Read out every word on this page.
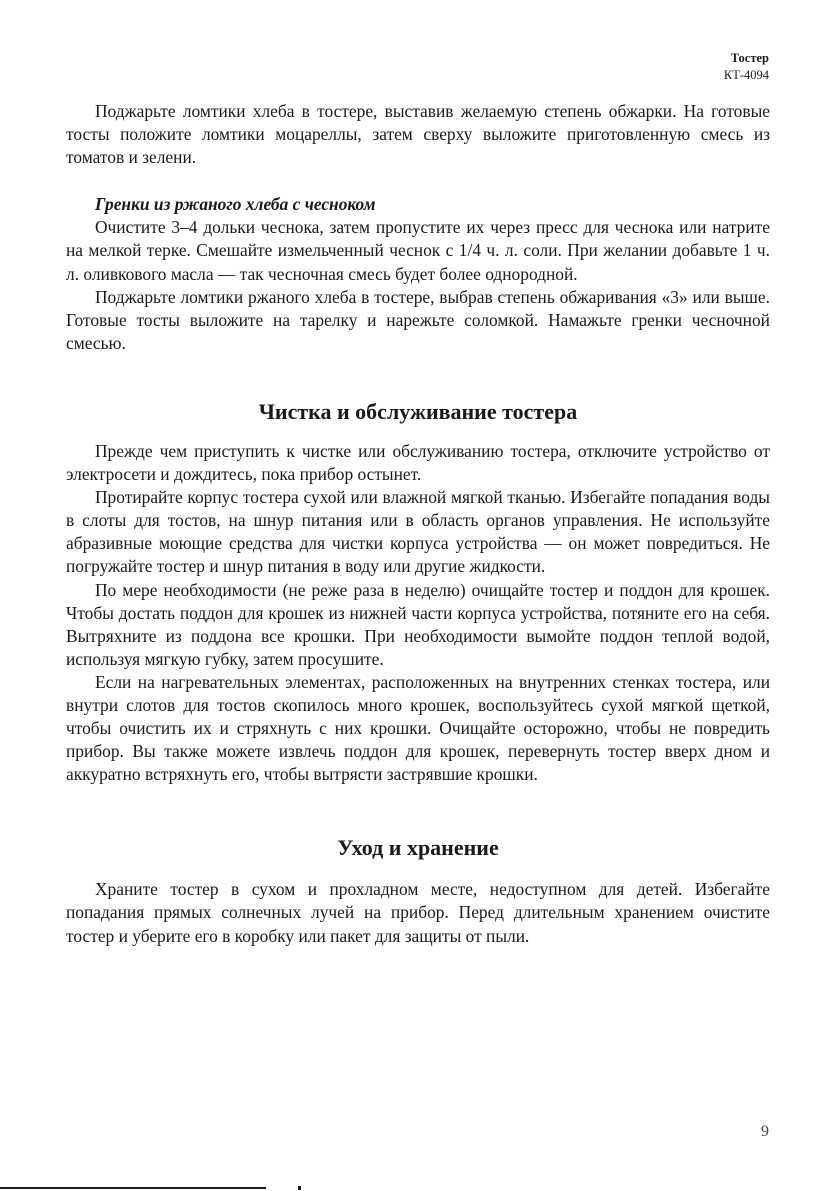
Тостер
КТ-4094

Поджарьте ломтики хлеба в тостере, выставив желаемую степень обжарки. На готовые тосты положите ломтики моцареллы, затем сверху выложите приготовленную смесь из томатов и зелени.

Гренки из ржаного хлеба с чесноком

Очистите 3–4 дольки чеснока, затем пропустите их через пресс для чеснока или натрите на мелкой терке. Смешайте измельченный чеснок с 1/4 ч. л. соли. При желании добавьте 1 ч. л. оливкового масла — так чесночная смесь будет более однородной.

Поджарьте ломтики ржаного хлеба в тостере, выбрав степень обжаривания «3» или выше. Готовые тосты выложите на тарелку и нарежьте соломкой. Намажьте гренки чесночной смесью.

Чистка и обслуживание тостера

Прежде чем приступить к чистке или обслуживанию тостера, отключите устройство от электросети и дождитесь, пока прибор остынет.

Протирайте корпус тостера сухой или влажной мягкой тканью. Избегайте попадания воды в слоты для тостов, на шнур питания или в область органов управления. Не используйте абразивные моющие средства для чистки корпуса устройства — он может повредиться. Не погружайте тостер и шнур питания в воду или другие жидкости.

По мере необходимости (не реже раза в неделю) очищайте тостер и поддон для крошек. Чтобы достать поддон для крошек из нижней части корпуса устройства, потяните его на себя. Вытряхните из поддона все крошки. При необходимости вымойте поддон теплой водой, используя мягкую губку, затем просушите.

Если на нагревательных элементах, расположенных на внутренних стенках тостера, или внутри слотов для тостов скопилось много крошек, воспользуйтесь сухой мягкой щеткой, чтобы очистить их и стряхнуть с них крошки. Очищайте осторожно, чтобы не повредить прибор. Вы также можете извлечь поддон для крошек, перевернуть тостер вверх дном и аккуратно встряхнуть его, чтобы вытрясти застрявшие крошки.

Уход и хранение

Храните тостер в сухом и прохладном месте, недоступном для детей. Избегайте попадания прямых солнечных лучей на прибор. Перед длительным хранением очистите тостер и уберите его в коробку или пакет для защиты от пыли.

9
